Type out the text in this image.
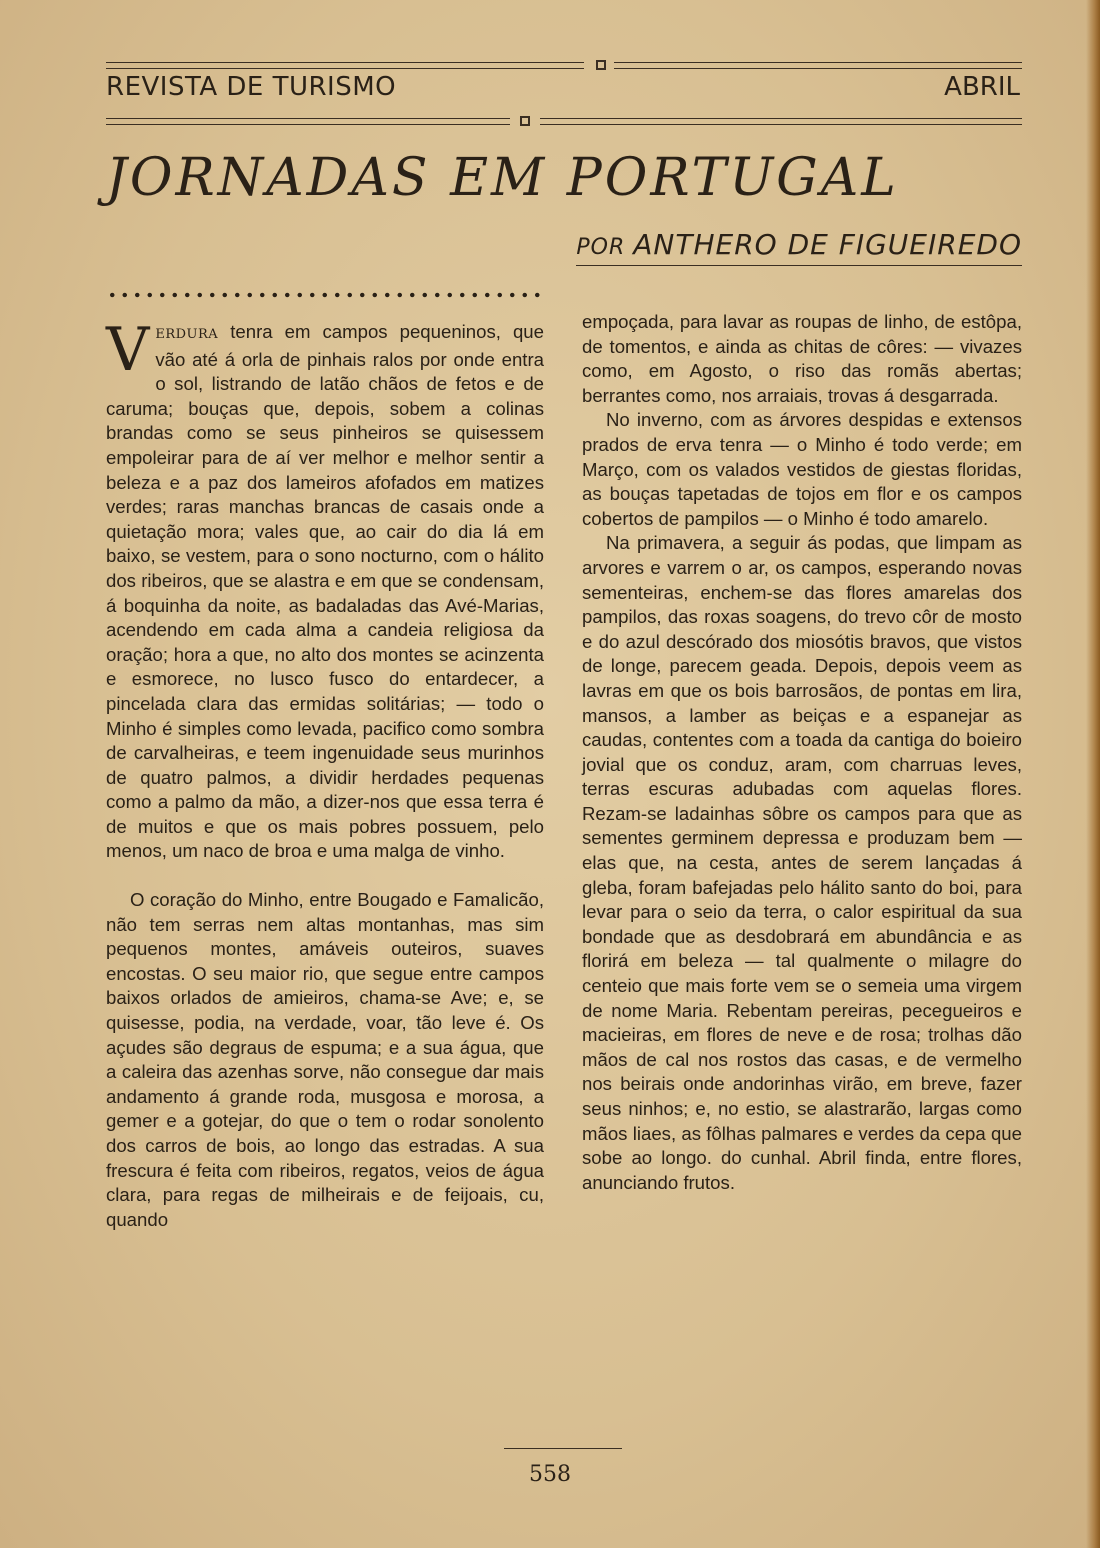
REVISTA DE TURISMO	ABRIL
JORNADAS EM PORTUGAL
POR ANTHERO DE FIGUEIREDO

VERDURA tenra em campos pequeninos, que vão até á orla de pinhais ralos por onde entra o sol, listrando de latão chãos de fetos e de caruma; bouças que, depois, sobem a colinas brandas como se seus pinheiros se quisessem empoleirar para de aí ver melhor e melhor sentir a beleza e a paz dos lameiros afofados em matizes verdes; raras manchas brancas de casais onde a quietação mora; vales que, ao cair do dia lá em baixo, se vestem, para o sono nocturno, com o hálito dos ribeiros, que se alastra e em que se condensam, á boquinha da noite, as badaladas das Avé-Marias, acendendo em cada alma a candeia religiosa da oração; hora a que, no alto dos montes se acinzenta e esmorece, no lusco fusco do entardecer, a pincelada clara das ermidas solitárias; — todo o Minho é simples como levada, pacifico como sombra de carvalheiras, e teem ingenuidade seus murinhos de quatro palmos, a dividir herdades pequenas como a palmo da mão, a dizer-nos que essa terra é de muitos e que os mais pobres possuem, pelo menos, um naco de broa e uma malga de vinho.

O coração do Minho, entre Bougado e Famalicão, não tem serras nem altas montanhas, mas sim pequenos montes, amáveis outeiros, suaves encostas. O seu maior rio, que segue entre campos baixos orlados de amieiros, chama-se Ave; e, se quisesse, podia, na verdade, voar, tão leve é. Os açudes são degraus de espuma; e a sua água, que a caleira das azenhas sorve, não consegue dar mais andamento á grande roda, musgosa e morosa, a gemer e a gotejar, do que o tem o rodar sonolento dos carros de bois, ao longo das estradas. A sua frescura é feita com ribeiros, regatos, veios de água clara, para regas de milheirais e de feijoais, cu, quando

empoçada, para lavar as roupas de linho, de estôpa, de tomentos, e ainda as chitas de côres: — vivazes como, em Agosto, o riso das romãs abertas; berrantes como, nos arraiais, trovas á desgarrada.

No inverno, com as árvores despidas e extensos prados de erva tenra — o Minho é todo verde; em Março, com os valados vestidos de giestas floridas, as bouças tapetadas de tojos em flor e os campos cobertos de pampilos — o Minho é todo amarelo.

Na primavera, a seguir ás podas, que limpam as arvores e varrem o ar, os campos, esperando novas sementeiras, enchem-se das flores amarelas dos pampilos, das roxas soagens, do trevo côr de mosto e do azul descórado dos miosótis bravos, que vistos de longe, parecem geada. Depois, depois veem as lavras em que os bois barrosãos, de pontas em lira, mansos, a lamber as beiças e a espanejar as caudas, contentes com a toada da cantiga do boieiro jovial que os conduz, aram, com charruas leves, terras escuras adubadas com aquelas flores. Rezam-se ladainhas sôbre os campos para que as sementes germinem depressa e produzam bem — elas que, na cesta, antes de serem lançadas á gleba, foram bafejadas pelo hálito santo do boi, para levar para o seio da terra, o calor espiritual da sua bondade que as desdobrará em abundância e as florirá em beleza — tal qualmente o milagre do centeio que mais forte vem se o semeia uma virgem de nome Maria. Rebentam pereiras, pecegueiros e macieiras, em flores de neve e de rosa; trolhas dão mãos de cal nos rostos das casas, e de vermelho nos beirais onde andorinhas virão, em breve, fazer seus ninhos; e, no estio, se alastrarão, largas como mãos liaes, as fôlhas palmares e verdes da cepa que sobe ao longo. do cunhal. Abril finda, entre flores, anunciando frutos.

558
